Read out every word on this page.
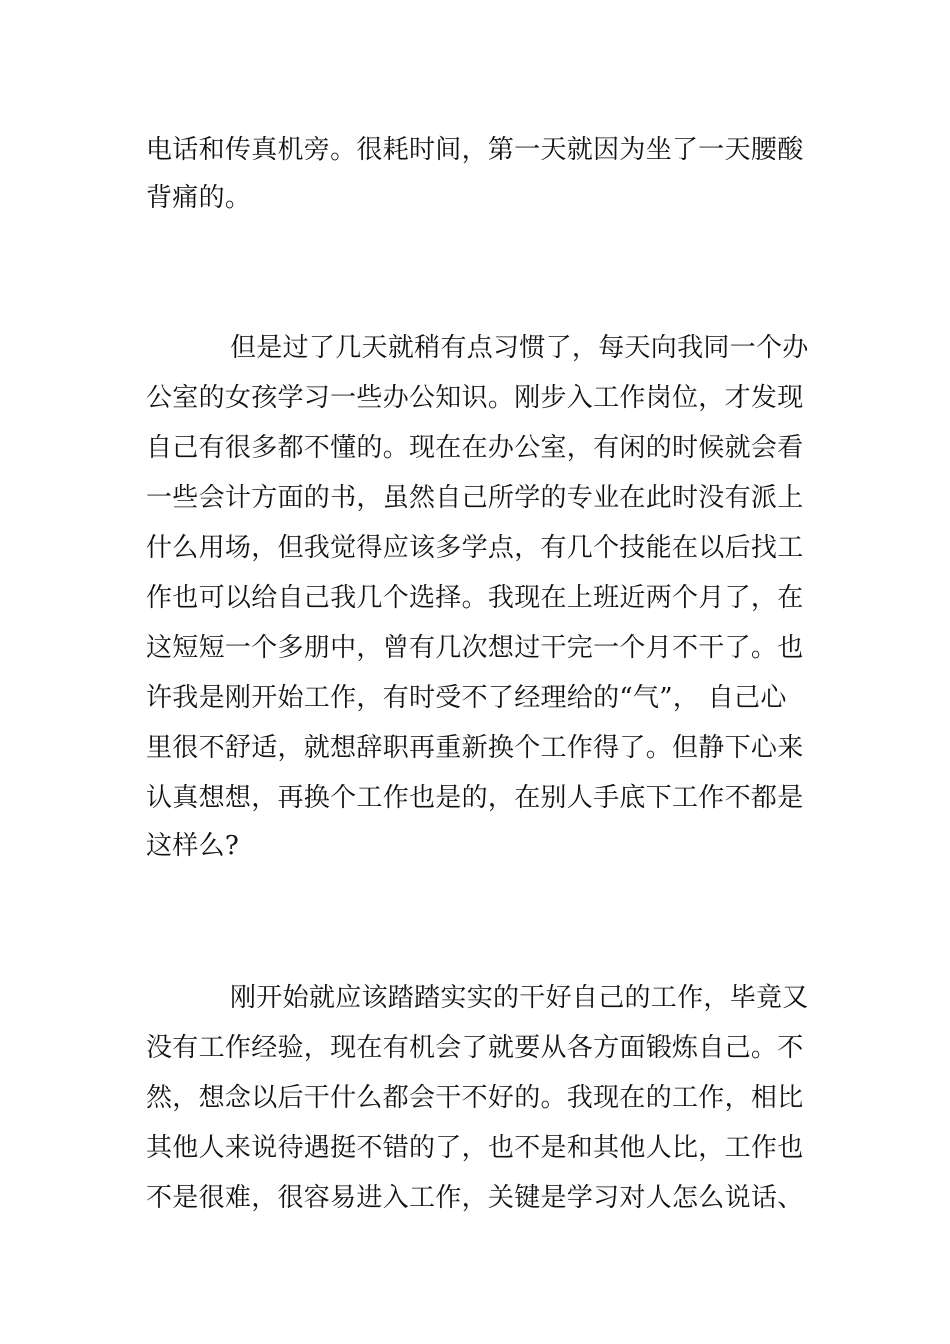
电话和传真机旁。很耗时间，第一天就因为坐了一天腰酸
背痛的。
但是过了几天就稍有点习惯了，每天向我同一个办
公室的女孩学习一些办公知识。刚步入工作岗位，才发现
自己有很多都不懂的。现在在办公室，有闲的时候就会看
一些会计方面的书，虽然自己所学的专业在此时没有派上
什么用场，但我觉得应该多学点，有几个技能在以后找工
作也可以给自己我几个选择。我现在上班近两个月了，在
这短短一个多朋中，曾有几次想过干完一个月不干了。也
许我是刚开始工作，有时受不了经理给的“气”， 自己心
里很不舒适，就想辞职再重新换个工作得了。但静下心来
认真想想，再换个工作也是的，在别人手底下工作不都是
这样么?
刚开始就应该踏踏实实的干好自己的工作，毕竟又
没有工作经验，现在有机会了就要从各方面锻炼自己。不
然，想念以后干什么都会干不好的。我现在的工作，相比
其他人来说待遇挺不错的了，也不是和其他人比，工作也
不是很难，很容易进入工作，关键是学习对人怎么说话、
